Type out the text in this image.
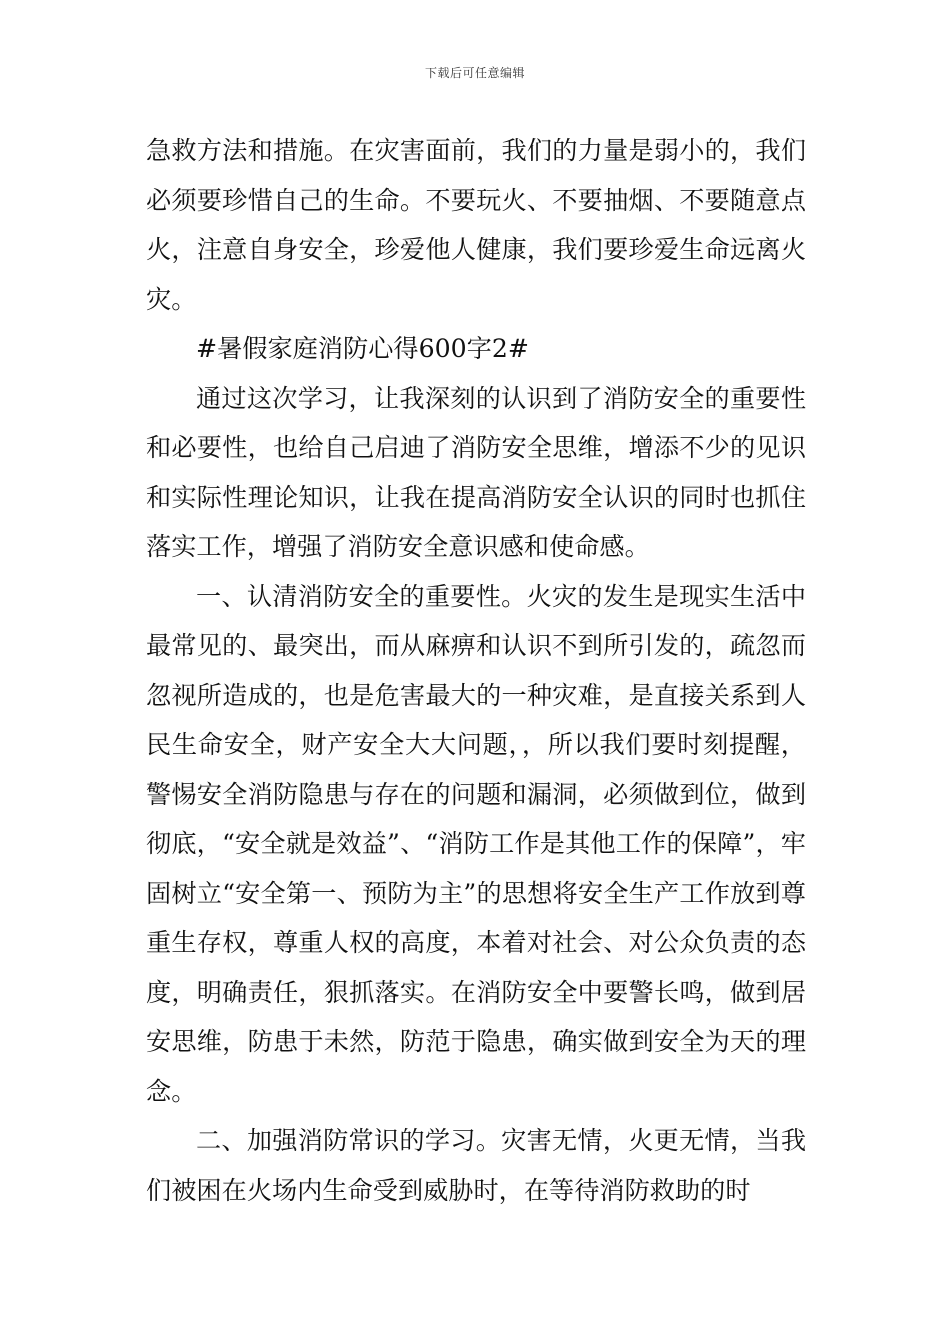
下载后可任意编辑

急救方法和措施。在灾害面前，我们的力量是弱小的，我们必须要珍惜自己的生命。不要玩火、不要抽烟、不要随意点火，注意自身安全，珍爱他人健康，我们要珍爱生命远离火灾。

#暑假家庭消防心得600字2#

通过这次学习，让我深刻的认识到了消防安全的重要性和必要性，也给自己启迪了消防安全思维，增添不少的见识和实际性理论知识，让我在提高消防安全认识的同时也抓住落实工作，增强了消防安全意识感和使命感。

一、认清消防安全的重要性。火灾的发生是现实生活中最常见的、最突出，而从麻痹和认识不到所引发的，疏忽而忽视所造成的，也是危害最大的一种灾难，是直接关系到人民生命安全，财产安全大大问题，，所以我们要时刻提醒，警惕安全消防隐患与存在的问题和漏洞，必须做到位，做到彻底，“安全就是效益”、“消防工作是其他工作的保障”，牢固树立“安全第一、预防为主”的思想将安全生产工作放到尊重生存权，尊重人权的高度，本着对社会、对公众负责的态度，明确责任，狠抓落实。在消防安全中要警长鸣，做到居安思维，防患于未然，防范于隐患，确实做到安全为天的理念。

二、加强消防常识的学习。灾害无情，火更无情，当我们被困在火场内生命受到威胁时，在等待消防救助的时
